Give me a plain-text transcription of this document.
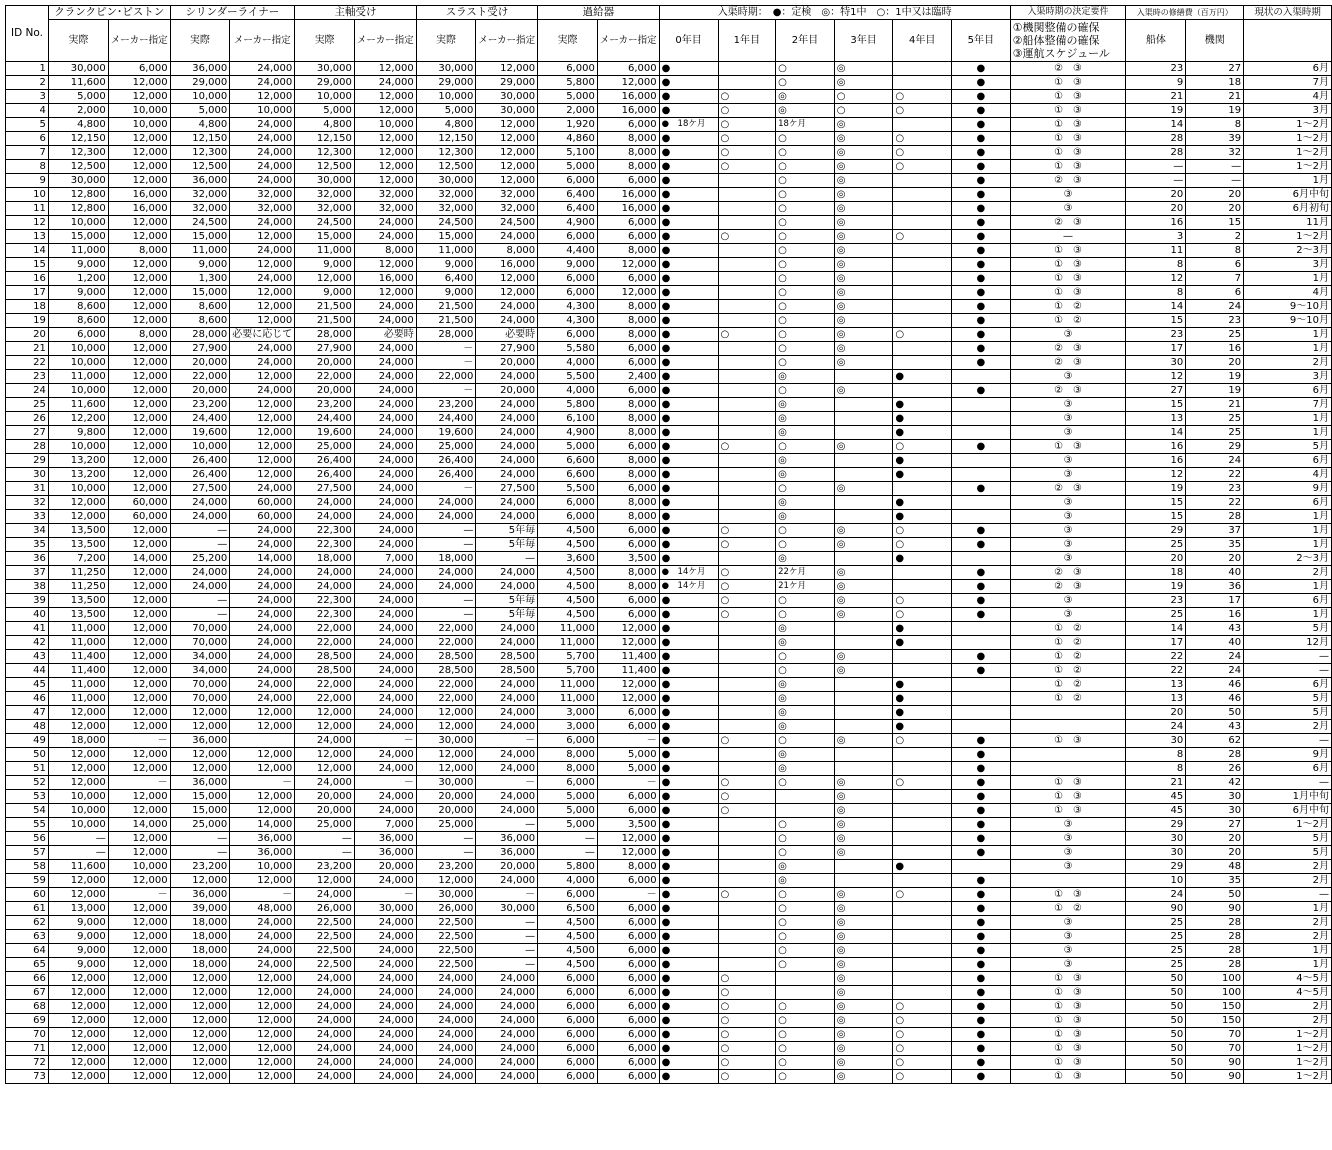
ID No.	クランクピン･ピストン		シリンダーライナー		主軸受け		スラスト受け		過給器		入渠時期：　●：定検　◎：特1中　○：1中又は臨時						入渠時期の決定要件	入渠時の修繕費（百万円）		現状の入渠時期
	実際	メーカー指定	実際	メーカー指定	実際	メーカー指定	実際	メーカー指定	実際	メーカー指定	0年目	1年目	2年目	3年目	4年目	5年目	①機関整備の確保
②船体整備の確保
③運航スケジュール	船体	機関	
1	30,000	6,000	36,000	24,000	30,000	12,000	30,000	12,000	6,000	6,000	●		○	◎		●	②　③	23	27	6月
2	11,600	12,000	29,000	24,000	29,000	24,000	29,000	29,000	5,800	12,000	●		○	◎		●	①　③	9	18	7月
3	5,000	12,000	10,000	12,000	10,000	12,000	10,000	30,000	5,000	16,000	●	○	◎	○	○	●	①　③	21	21	4月
4	2,000	10,000	5,000	10,000	5,000	12,000	5,000	30,000	2,000	16,000	●	○	◎	○	○	●	①　③	19	19	3月
5	4,800	10,000	4,800	24,000	4,800	10,000	4,800	12,000	1,920	6,000	●　18ケ月	○	18ケ月	◎		●	①　③	14	8	1～2月
6	12,150	12,000	12,150	24,000	12,150	12,000	12,150	12,000	4,860	8,000	●	○	○	◎	○	●	①　③	28	39	1～2月
7	12,300	12,000	12,300	24,000	12,300	12,000	12,300	12,000	5,100	8,000	●	○	○	◎	○	●	①　③	28	32	1～2月
8	12,500	12,000	12,500	24,000	12,500	12,000	12,500	12,000	5,000	8,000	●	○	○	◎	○	●	①　③	—	—	1～2月
9	30,000	12,000	36,000	24,000	30,000	12,000	30,000	12,000	6,000	6,000	●		○	◎		●	②　③	—	—	1月
10	12,800	16,000	32,000	32,000	32,000	32,000	32,000	32,000	6,400	16,000	●		○	◎		●	③	20	20	6月中旬
11	12,800	16,000	32,000	32,000	32,000	32,000	32,000	32,000	6,400	16,000	●		○	◎		●	③	20	20	6月初旬
12	10,000	12,000	24,500	24,000	24,500	24,000	24,500	24,500	4,900	6,000	●		○	◎		●	②　③	16	15	11月
13	15,000	12,000	15,000	12,000	15,000	24,000	15,000	24,000	6,000	6,000	●	○	○	◎	○	●	—	3	2	1～2月
14	11,000	8,000	11,000	24,000	11,000	8,000	11,000	8,000	4,400	8,000	●		○	◎		●	①　③	11	8	2～3月
15	9,000	12,000	9,000	12,000	9,000	12,000	9,000	16,000	9,000	12,000	●		○	◎		●	①　③	8	6	3月
16	1,200	12,000	1,300	24,000	12,000	16,000	6,400	12,000	6,000	6,000	●		○	◎		●	①　③	12	7	1月
17	9,000	12,000	15,000	12,000	9,000	12,000	9,000	12,000	6,000	12,000	●		○	◎		●	①　③	8	6	4月
18	8,600	12,000	8,600	12,000	21,500	24,000	21,500	24,000	4,300	8,000	●		○	◎		●	①　②	14	24	9～10月
19	8,600	12,000	8,600	12,000	21,500	24,000	21,500	24,000	4,300	8,000	●		○	◎		●	①　②	15	23	9～10月
20	6,000	8,000	28,000	必要に応じて	28,000	必要時	28,000	必要時	6,000	8,000	●	○	○	◎	○	●	③	23	25	1月
21	10,000	12,000	27,900	24,000	27,900	24,000	－	27,900	5,580	6,000	●		○	◎		●	②　③	17	16	1月
22	10,000	12,000	20,000	24,000	20,000	24,000	－	20,000	4,000	6,000	●		○	◎		●	②　③	30	20	2月
23	11,000	12,000	22,000	12,000	22,000	24,000	22,000	24,000	5,500	2,400	●		◎		●		③	12	19	3月
24	10,000	12,000	20,000	24,000	20,000	24,000	－	20,000	4,000	6,000	●		○	◎		●	②　③	27	19	6月
25	11,600	12,000	23,200	12,000	23,200	24,000	23,200	24,000	5,800	8,000	●		◎		●		③	15	21	7月
26	12,200	12,000	24,400	12,000	24,400	24,000	24,400	24,000	6,100	8,000	●		◎		●		③	13	25	1月
27	9,800	12,000	19,600	12,000	19,600	24,000	19,600	24,000	4,900	8,000	●		◎		●		③	14	25	1月
28	10,000	12,000	10,000	12,000	25,000	24,000	25,000	24,000	5,000	6,000	●	○	○	◎	○	●	①　③	16	29	5月
29	13,200	12,000	26,400	12,000	26,400	24,000	26,400	24,000	6,600	8,000	●		◎		●		③	16	24	6月
30	13,200	12,000	26,400	12,000	26,400	24,000	26,400	24,000	6,600	8,000	●		◎		●		③	12	22	4月
31	10,000	12,000	27,500	24,000	27,500	24,000	－	27,500	5,500	6,000	●		○	◎		●	②　③	19	23	9月
32	12,000	60,000	24,000	60,000	24,000	24,000	24,000	24,000	6,000	8,000	●		◎		●		③	15	22	6月
33	12,000	60,000	24,000	60,000	24,000	24,000	24,000	24,000	6,000	8,000	●		◎		●		③	15	28	1月
34	13,500	12,000	—	24,000	22,300	24,000	—	5年毎	4,500	6,000	●	○	○	◎	○	●	③	29	37	1月
35	13,500	12,000	—	24,000	22,300	24,000	—	5年毎	4,500	6,000	●	○	○	◎	○	●	③	25	35	1月
36	7,200	14,000	25,200	14,000	18,000	7,000	18,000	—	3,600	3,500	●		◎		●		③	20	20	2～3月
37	11,250	12,000	24,000	24,000	24,000	24,000	24,000	24,000	4,500	8,000	●　14ケ月	○	22ケ月	◎		●	②　③	18	40	2月
38	11,250	12,000	24,000	24,000	24,000	24,000	24,000	24,000	4,500	8,000	●　14ケ月	○	21ケ月	◎		●	②　③	19	36	1月
39	13,500	12,000	—	24,000	22,300	24,000	—	5年毎	4,500	6,000	●	○	○	◎	○	●	③	23	17	6月
40	13,500	12,000	—	24,000	22,300	24,000	—	5年毎	4,500	6,000	●	○	○	◎	○	●	③	25	16	1月
41	11,000	12,000	70,000	24,000	22,000	24,000	22,000	24,000	11,000	12,000	●		◎		●		①　②	14	43	5月
42	11,000	12,000	70,000	24,000	22,000	24,000	22,000	24,000	11,000	12,000	●		◎		●		①　②	17	40	12月
43	11,400	12,000	34,000	24,000	28,500	24,000	28,500	28,500	5,700	11,400	●		○	◎		●	①　②	22	24	—
44	11,400	12,000	34,000	24,000	28,500	24,000	28,500	28,500	5,700	11,400	●		○	◎		●	①　②	22	24	—
45	11,000	12,000	70,000	24,000	22,000	24,000	22,000	24,000	11,000	12,000	●		◎		●		①　②	13	46	6月
46	11,000	12,000	70,000	24,000	22,000	24,000	22,000	24,000	11,000	12,000	●		◎		●		①　②	13	46	5月
47	12,000	12,000	12,000	12,000	12,000	24,000	12,000	24,000	3,000	6,000	●		◎		●			20	50	5月
48	12,000	12,000	12,000	12,000	12,000	24,000	12,000	24,000	3,000	6,000	●		◎		●			24	43	2月
49	18,000	－	36,000		24,000	－	30,000	－	6,000	－	●	○	○	◎	○	●	①　③	30	62	—
50	12,000	12,000	12,000	12,000	12,000	24,000	12,000	24,000	8,000	5,000	●		◎			●		8	28	9月
51	12,000	12,000	12,000	12,000	12,000	24,000	12,000	24,000	8,000	5,000	●		◎			●		8	26	6月
52	12,000	－	36,000	－	24,000	－	30,000	－	6,000	－	●	○	○	◎	○	●	①　③	21	42	—
53	10,000	12,000	15,000	12,000	20,000	24,000	20,000	24,000	5,000	6,000	●	○		◎		●	①　③	45	30	1月中旬
54	10,000	12,000	15,000	12,000	20,000	24,000	20,000	24,000	5,000	6,000	●	○		◎		●	①　③	45	30	6月中旬
55	10,000	14,000	25,000	14,000	25,000	7,000	25,000	—	5,000	3,500	●		○	◎		●	③	29	27	1～2月
56	—	12,000	—	36,000	—	36,000	—	36,000	—	12,000	●		○	◎		●	③	30	20	5月
57	—	12,000	—	36,000	—	36,000	—	36,000	—	12,000	●		○	◎		●	③	30	20	5月
58	11,600	10,000	23,200	10,000	23,200	20,000	23,200	20,000	5,800	8,000	●		◎		●		③	29	48	2月
59	12,000	12,000	12,000	12,000	12,000	24,000	12,000	24,000	4,000	6,000	●		◎			●		10	35	2月
60	12,000	－	36,000	－	24,000	－	30,000	－	6,000	－	●	○	○	◎	○	●	①　③	24	50	—
61	13,000	12,000	39,000	48,000	26,000	30,000	26,000	30,000	6,500	6,000	●		○	◎		●	①　②	90	90	1月
62	9,000	12,000	18,000	24,000	22,500	24,000	22,500	—	4,500	6,000	●		○	◎		●	③	25	28	2月
63	9,000	12,000	18,000	24,000	22,500	24,000	22,500	—	4,500	6,000	●		○	◎		●	③	25	28	2月
64	9,000	12,000	18,000	24,000	22,500	24,000	22,500	—	4,500	6,000	●		○	◎		●	③	25	28	1月
65	9,000	12,000	18,000	24,000	22,500	24,000	22,500	—	4,500	6,000	●		○	◎		●	③	25	28	1月
66	12,000	12,000	12,000	12,000	24,000	24,000	24,000	24,000	6,000	6,000	●	○		◎		●	①　③	50	100	4～5月
67	12,000	12,000	12,000	12,000	24,000	24,000	24,000	24,000	6,000	6,000	●	○		◎		●	①　③	50	100	4～5月
68	12,000	12,000	12,000	12,000	24,000	24,000	24,000	24,000	6,000	6,000	●	○	○	◎	○	●	①　③	50	150	2月
69	12,000	12,000	12,000	12,000	24,000	24,000	24,000	24,000	6,000	6,000	●	○	○	◎	○	●	①　③	50	150	2月
70	12,000	12,000	12,000	12,000	24,000	24,000	24,000	24,000	6,000	6,000	●	○	○	◎	○	●	①　③	50	70	1～2月
71	12,000	12,000	12,000	12,000	24,000	24,000	24,000	24,000	6,000	6,000	●	○	○	◎	○	●	①　③	50	70	1～2月
72	12,000	12,000	12,000	12,000	24,000	24,000	24,000	24,000	6,000	6,000	●	○	○	◎	○	●	①　③	50	90	1～2月
73	12,000	12,000	12,000	12,000	24,000	24,000	24,000	24,000	6,000	6,000	●	○	○	◎	○	●	①　③	50	90	1～2月
